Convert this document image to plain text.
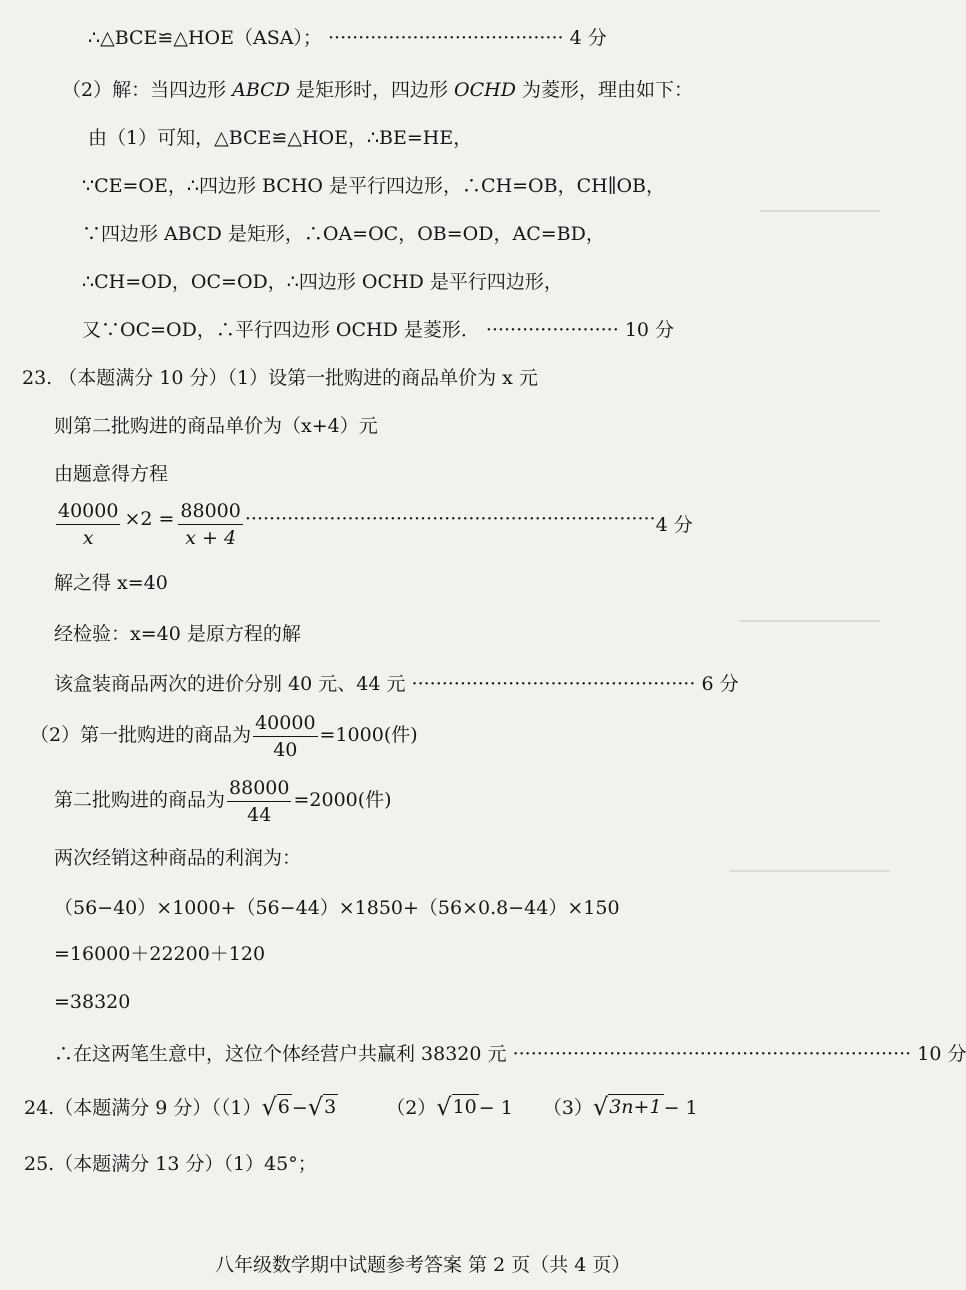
∴△BCE≌△HOE（ASA）； ······································· 4 分
（2）解：当四边形 ABCD 是矩形时，四边形 OCHD 为菱形，理由如下：
由（1）可知，△BCE≌△HOE，∴BE=HE，
∵CE=OE，∴四边形 BCHO 是平行四边形，∴CH=OB，CH∥OB，
∵四边形 ABCD 是矩形，∴OA=OC，OB=OD，AC=BD，
∴CH=OD，OC=OD，∴四边形 OCHD 是平行四边形，
又∵OC=OD，∴平行四边形 OCHD 是菱形． ······················ 10 分
23. （本题满分 10 分）（1）设第一批购进的商品单价为 x 元
则第二批购进的商品单价为（x+4）元
由题意得方程
$\frac{40000}{x} \times 2 = \frac{88000}{x + 4}$ ···································································· 4 分
解之得 x=40
经检验：x=40 是原方程的解
该盒装商品两次的进价分别 40 元、44 元 ··············································· 6 分
（2）第一批购进的商品为 $\frac{40000}{40} =1000$(件)
第二批购进的商品为 $\frac{88000}{44} =2000$(件)
两次经销这种商品的利润为：
（56−40）×1000+（56−44）×1850+（56×0.8−44）×150
=16000＋22200＋120
=38320
∴在这两笔生意中，这位个体经营户共赢利 38320 元 ·································································· 10 分
24.（本题满分 9 分）（（1） √ 6 − √ 3	（2） √ 10 − 1 （3） √ 3n+1 − 1
25.（本题满分 13 分）（1）45°；
八年级数学期中试题参考答案 第 2 页（共 4 页）
